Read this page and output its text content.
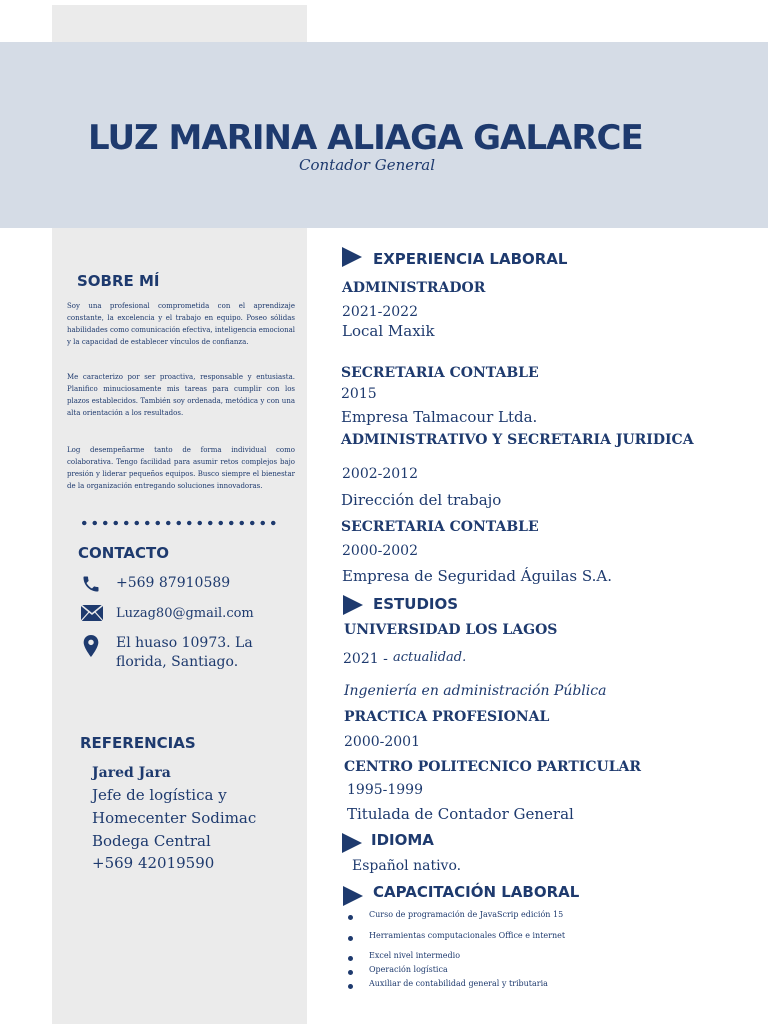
LUZ MARINA ALIAGA GALARCE
Contador General
SOBRE MÍ
Soy una profesional comprometida con el aprendizaje constante, la excelencia y el trabajo en equipo. Poseo sólidas habilidades como comunicación efectiva, inteligencia emocional y la capacidad de establecer vínculos de confianza.
Me caracterizo por ser proactiva, responsable y entusiasta. Planifico minuciosamente mis tareas para cumplir con los plazos establecidos. También soy ordenada, metódica y con una alta orientación a los resultados.
Log desempeñarme tanto de forma individual como colaborativa. Tengo facilidad para asumir retos complejos bajo presión y liderar pequeños equipos. Busco siempre el bienestar de la organización entregando soluciones innovadoras.
CONTACTO
+569 87910589
Luzag80@gmail.com
El huaso 10973. La florida, Santiago.
REFERENCIAS
Jared Jara
Jefe de logística y
Homecenter Sodimac
Bodega Central
+569 42019590
EXPERIENCIA LABORAL
ADMINISTRADOR
2021-2022
Local Maxik
SECRETARIA CONTABLE
2015
Empresa Talmacour Ltda.
ADMINISTRATIVO Y SECRETARIA JURIDICA
2002-2012
Dirección del trabajo
SECRETARIA CONTABLE
2000-2002
Empresa de Seguridad Águilas S.A.
ESTUDIOS
UNIVERSIDAD LOS LAGOS
2021 - actualidad.
Ingeniería en administración Pública
PRACTICA PROFESIONAL
2000-2001
CENTRO POLITECNICO PARTICULAR
1995-1999
Titulada de Contador General
IDIOMA
Español nativo.
CAPACITACIÓN LABORAL
Curso de programación de JavaScrip edición 15
Herramientas computacionales Office e internet
Excel nivel intermedio
Operación logística
Auxiliar de contabilidad general y tributaria
